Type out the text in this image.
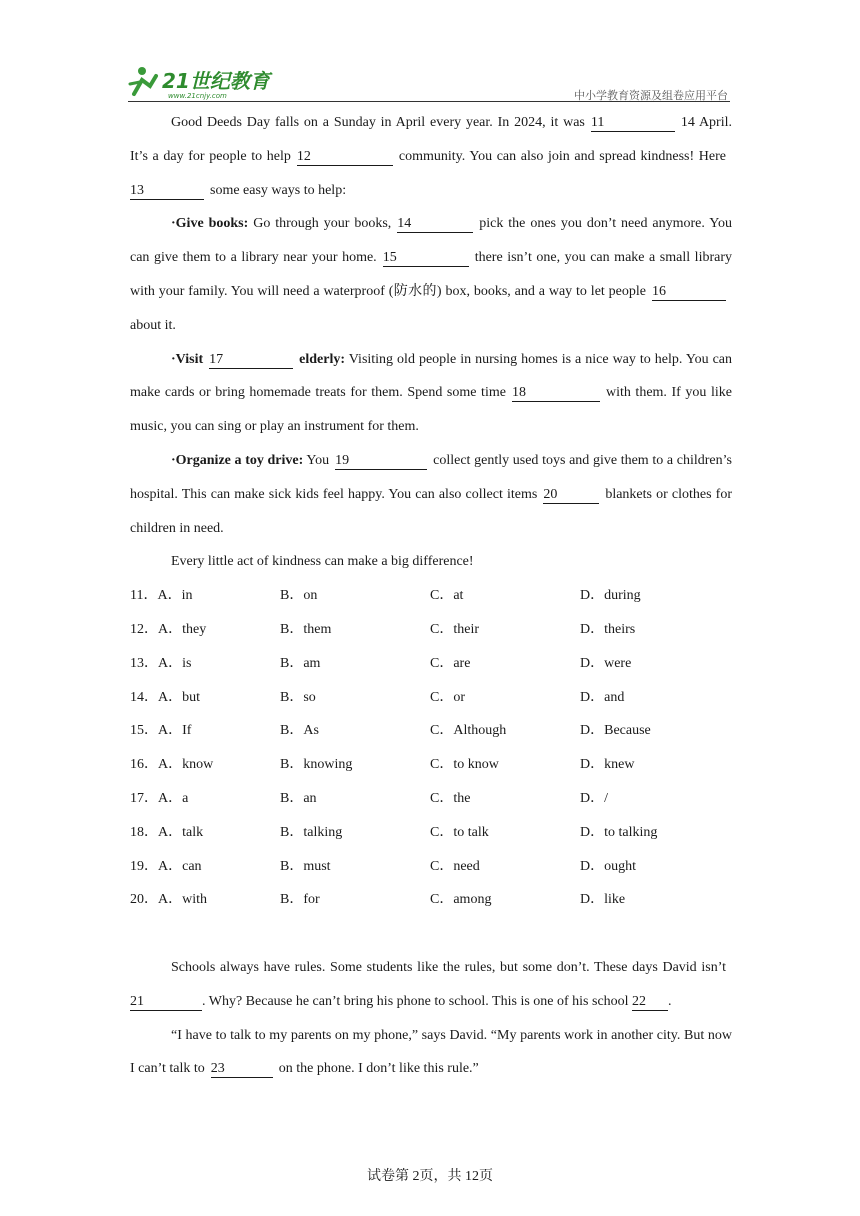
21世纪教育
www.21cnjy.com	中小学教育资源及组卷应用平台

Good Deeds Day falls on a Sunday in April every year. In 2024, it was 11	14 April. It’s a day for people to help 12	community. You can also join and spread kindness! Here13	some easy ways to help:

·Give books: Go through your books, 14	pick the ones you don’t need anymore. You can give them to a library near your home. 15	there isn’t one, you can make a small library with your family. You will need a waterproof (防水的) box, books, and a way to let people 16about it.

·Visit 17	elderly: Visiting old people in nursing homes is a nice way to help. You can make cards or bring homemade treats for them. Spend some time 18	with them. If you like music, you can sing or play an instrument for them.

·Organize a toy drive: You 19	collect gently used toys and give them to a children’s hospital. This can make sick kids feel happy. You can also collect items 20	blankets or clothes for children in need.

Every little act of kindness can make a big difference!

11．A．in	B．on	C．at	D．during
12．A．they	B．them	C．their	D．theirs
13．A．is	B．am	C．are	D．were
14．A．but	B．so	C．or	D．and
15．A．If	B．As	C．Although	D．Because
16．A．know	B．knowing	C．to know	D．knew
17．A．a	B．an	C．the	D．/
18．A．talk	B．talking	C．to talk	D．to talking
19．A．can	B．must	C．need	D．ought
20．A．with	B．for	C．among	D．like

Schools always have rules. Some students like the rules, but some don’t. These days David isn’t21	. Why? Because he can’t bring his phone to school. This is one of his school 22 .

“I have to talk to my parents on my phone,” says David. “My parents work in another city. But now I can’t talk to 23	on the phone. I don’t like this rule.”

试卷第 2页，共 12页
